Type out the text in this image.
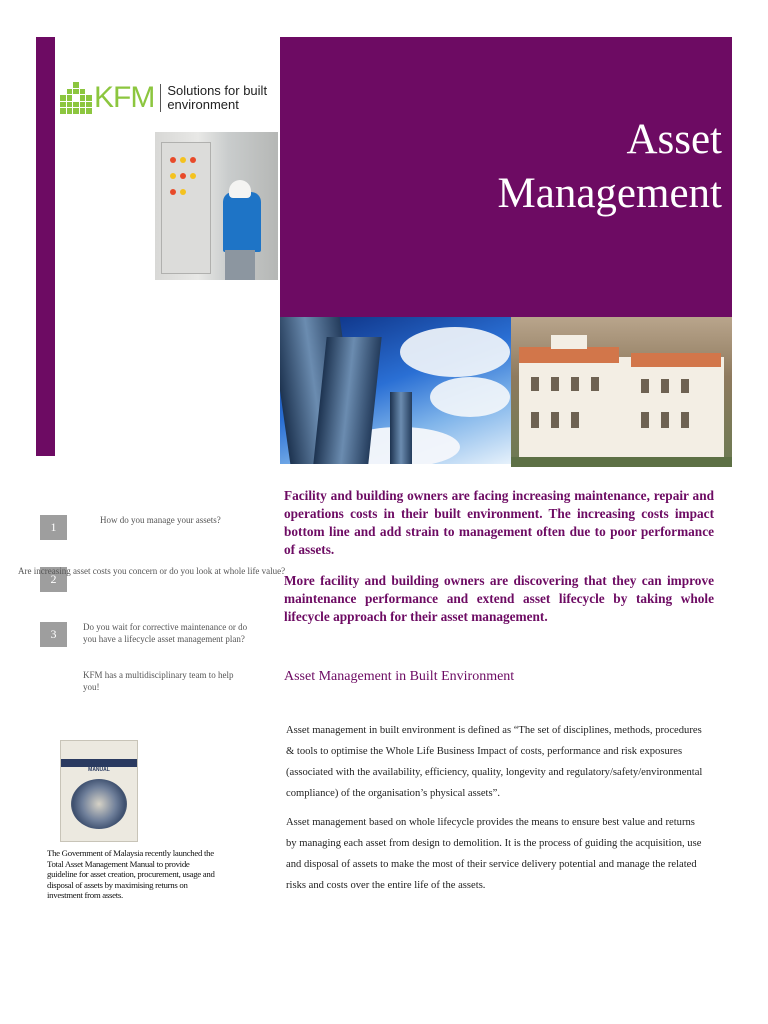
KFM Solutions for built
environment
Asset
Management
1	How do you manage your assets?
2
Are increasing asset costs you concern or do you look at whole life value?
3	Do you wait for corrective maintenance or do you have a lifecycle asset management plan?
KFM has a multidisciplinary team to help you!

Facility and building owners are facing increasing maintenance, repair and operations costs in their built environment. The increasing costs impact bottom line and add strain to management often due to poor performance of assets.

More facility and building owners are discovering that they can improve maintenance performance and extend asset lifecycle by taking whole lifecycle approach for their asset management.

Asset Management in Built Environment

Asset management in built environment is defined as “The set of disciplines, methods, procedures & tools to optimise the Whole Life Business Impact of costs, performance and risk exposures (associated with the availability, efficiency, quality, longevity and regulatory/safety/environmental compliance) of the organisation’s physical assets”.

Asset management based on whole lifecycle provides the means to ensure best value and returns by managing each asset from design to demolition. It is the process of guiding the acquisition, use and disposal of assets to make the most of their service delivery potential and manage the related risks and costs over the entire life of the assets.

MANUAL
The Government of Malaysia recently launched the Total Asset Management Manual to provide guideline for asset creation, procurement, usage and disposal of assets by maximising returns on investment from assets.
